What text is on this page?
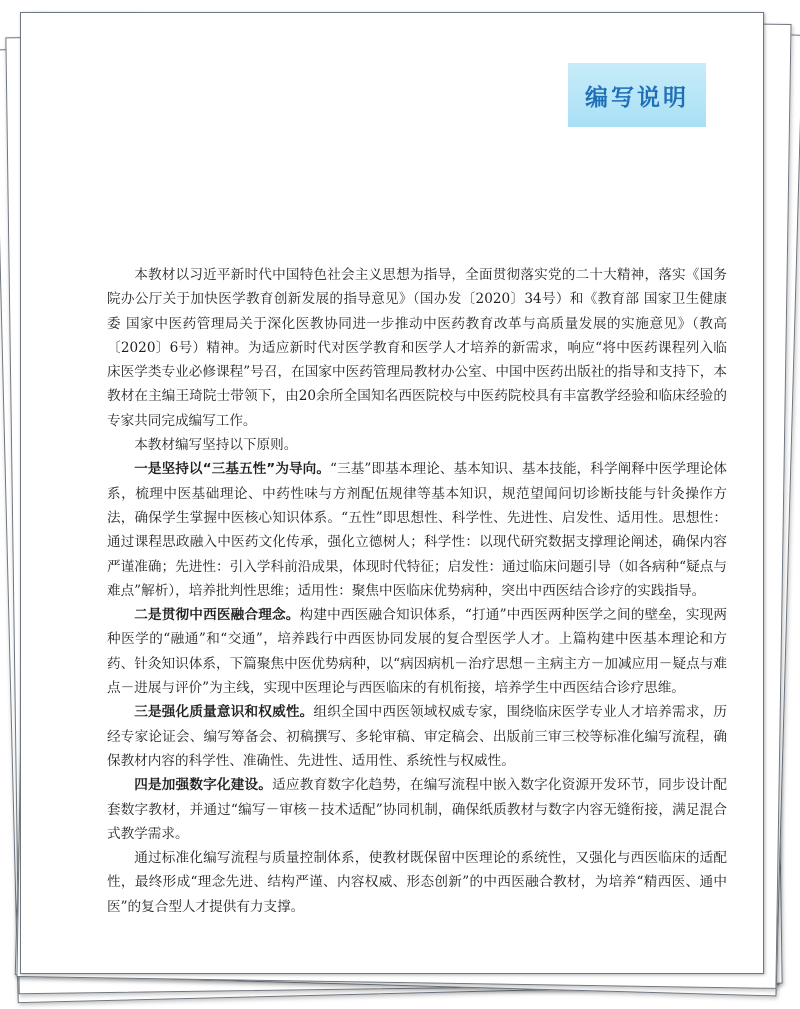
编写说明

本教材以习近平新时代中国特色社会主义思想为指导，全面贯彻落实党的二十大精神，落实《国务院办公厅关于加快医学教育创新发展的指导意见》（国办发〔2020〕34号）和《教育部 国家卫生健康委 国家中医药管理局关于深化医教协同进一步推动中医药教育改革与高质量发展的实施意见》（教高〔2020〕6号）精神。为适应新时代对医学教育和医学人才培养的新需求，响应“将中医药课程列入临床医学类专业必修课程”号召，在国家中医药管理局教材办公室、中国中医药出版社的指导和支持下，本教材在主编王琦院士带领下，由20余所全国知名西医院校与中医药院校具有丰富教学经验和临床经验的专家共同完成编写工作。

本教材编写坚持以下原则。

一是坚持以“三基五性”为导向。“三基”即基本理论、基本知识、基本技能，科学阐释中医学理论体系，梳理中医基础理论、中药性味与方剂配伍规律等基本知识，规范望闻问切诊断技能与针灸操作方法，确保学生掌握中医核心知识体系。“五性”即思想性、科学性、先进性、启发性、适用性。思想性：通过课程思政融入中医药文化传承，强化立德树人；科学性：以现代研究数据支撑理论阐述，确保内容严谨准确；先进性：引入学科前沿成果，体现时代特征；启发性：通过临床问题引导（如各病种“疑点与难点”解析），培养批判性思维；适用性：聚焦中医临床优势病种，突出中西医结合诊疗的实践指导。

二是贯彻中西医融合理念。构建中西医融合知识体系，“打通”中西医两种医学之间的壁垒，实现两种医学的“融通”和“交通”，培养践行中西医协同发展的复合型医学人才。上篇构建中医基本理论和方药、针灸知识体系，下篇聚焦中医优势病种，以“病因病机－治疗思想－主病主方－加减应用－疑点与难点－进展与评价”为主线，实现中医理论与西医临床的有机衔接，培养学生中西医结合诊疗思维。

三是强化质量意识和权威性。组织全国中西医领域权威专家，围绕临床医学专业人才培养需求，历经专家论证会、编写筹备会、初稿撰写、多轮审稿、审定稿会、出版前三审三校等标准化编写流程，确保教材内容的科学性、准确性、先进性、适用性、系统性与权威性。

四是加强数字化建设。适应教育数字化趋势，在编写流程中嵌入数字化资源开发环节，同步设计配套数字教材，并通过“编写－审核－技术适配”协同机制，确保纸质教材与数字内容无缝衔接，满足混合式教学需求。

通过标准化编写流程与质量控制体系，使教材既保留中医理论的系统性，又强化与西医临床的适配性，最终形成“理念先进、结构严谨、内容权威、形态创新”的中西医融合教材，为培养“精西医、通中医”的复合型人才提供有力支撑。
